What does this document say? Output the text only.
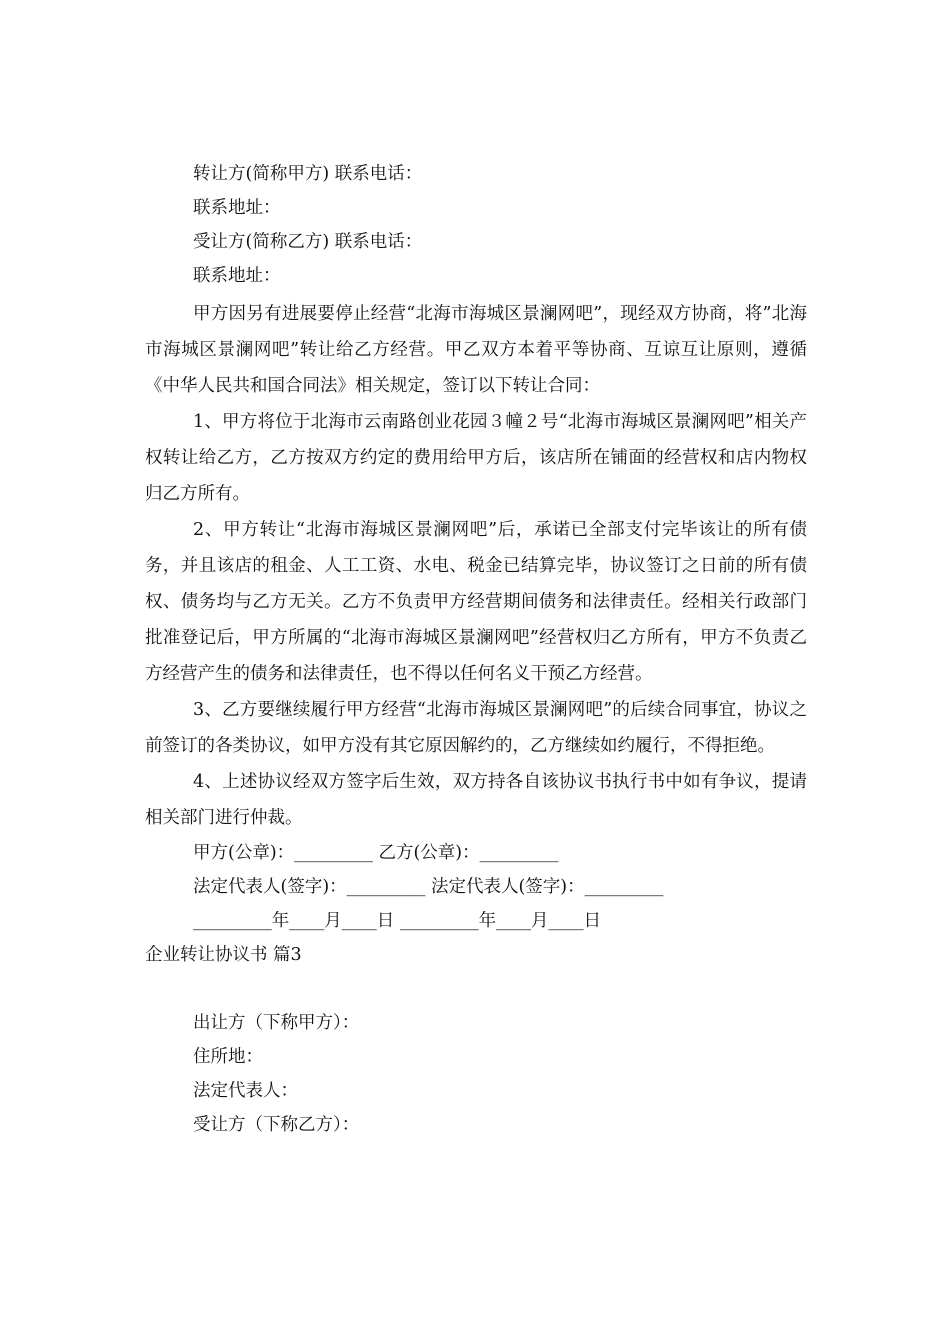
转让方(简称甲方) 联系电话：
联系地址：
受让方(简称乙方) 联系电话：
联系地址：

甲方因另有进展要停止经营“北海市海城区景澜网吧”，现经双方协商，将”北海市海城区景澜网吧”转让给乙方经营。甲乙双方本着平等协商、互谅互让原则，遵循《中华人民共和国合同法》相关规定，签订以下转让合同：

1、甲方将位于北海市云南路创业花园３幢２号“北海市海城区景澜网吧”相关产权转让给乙方，乙方按双方约定的费用给甲方后，该店所在铺面的经营权和店内物权归乙方所有。

2、甲方转让“北海市海城区景澜网吧”后，承诺已全部支付完毕该让的所有债务，并且该店的租金、人工工资、水电、税金已结算完毕，协议签订之日前的所有债权、债务均与乙方无关。乙方不负责甲方经营期间债务和法律责任。经相关行政部门批准登记后，甲方所属的“北海市海城区景澜网吧”经营权归乙方所有，甲方不负责乙方经营产生的债务和法律责任，也不得以任何名义干预乙方经营。

3、乙方要继续履行甲方经营“北海市海城区景澜网吧”的后续合同事宜，协议之前签订的各类协议，如甲方没有其它原因解约的，乙方继续如约履行，不得拒绝。

4、上述协议经双方签字后生效，双方持各自该协议书执行书中如有争议，提请相关部门进行仲裁。

甲方(公章)：_________ 乙方(公章)：_________
法定代表人(签字)：_________ 法定代表人(签字)：_________
_________年____月____日 _________年____月____日
企业转让协议书 篇3
出让方（下称甲方）：
住所地：
法定代表人：
受让方（下称乙方）：
